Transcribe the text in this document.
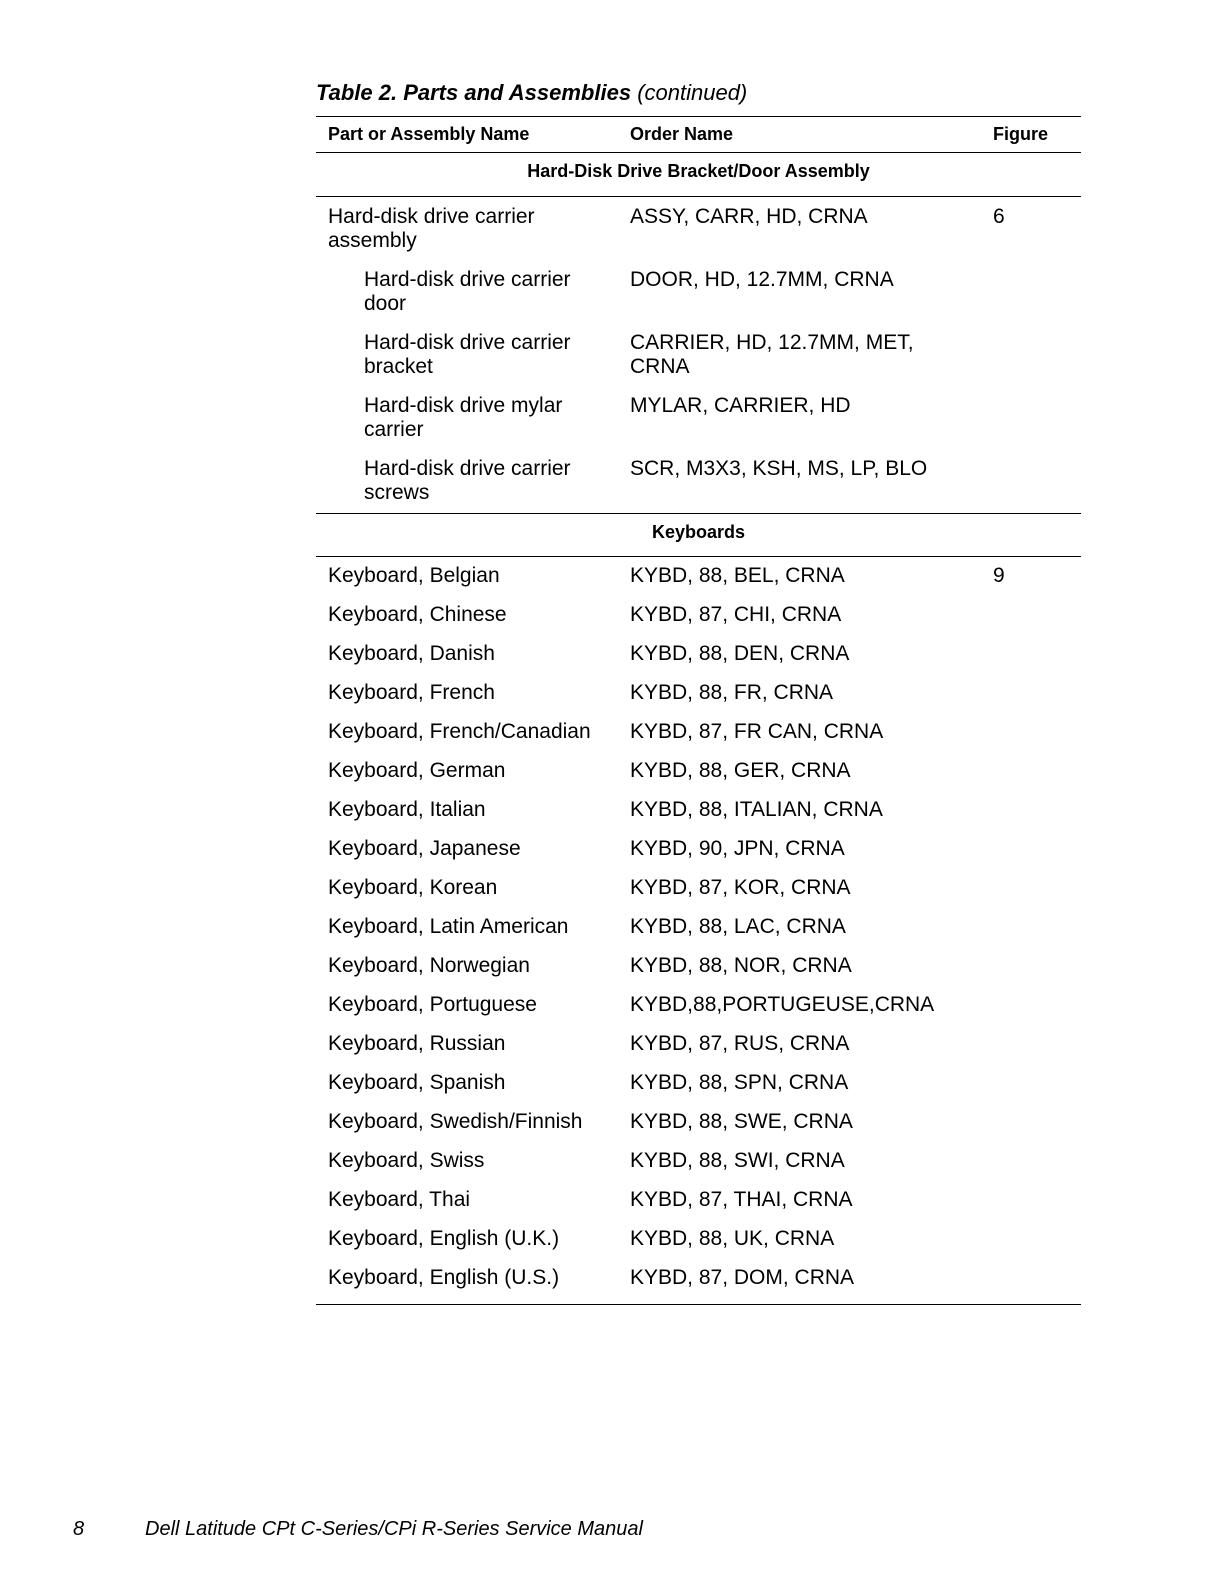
Table 2. Parts and Assemblies (continued)
Part or Assembly Name	Order Name	Figure
Hard-Disk Drive Bracket/Door Assembly		
Hard-disk drive carrier assembly	ASSY, CARR, HD, CRNA	6
Hard-disk drive carrier door	DOOR, HD, 12.7MM, CRNA	
Hard-disk drive carrier bracket	CARRIER, HD, 12.7MM, MET, CRNA	
Hard-disk drive mylar carrier	MYLAR, CARRIER, HD	
Hard-disk drive carrier screws	SCR, M3X3, KSH, MS, LP, BLO	
Keyboards		
Keyboard, Belgian	KYBD, 88, BEL, CRNA	9
Keyboard, Chinese	KYBD, 87, CHI, CRNA	
Keyboard, Danish	KYBD, 88, DEN, CRNA	
Keyboard, French	KYBD, 88, FR, CRNA	
Keyboard, French/Canadian	KYBD, 87, FR CAN, CRNA	
Keyboard, German	KYBD, 88, GER, CRNA	
Keyboard, Italian	KYBD, 88, ITALIAN, CRNA	
Keyboard, Japanese	KYBD, 90, JPN, CRNA	
Keyboard, Korean	KYBD, 87, KOR, CRNA	
Keyboard, Latin American	KYBD, 88, LAC, CRNA	
Keyboard, Norwegian	KYBD, 88, NOR, CRNA	
Keyboard, Portuguese	KYBD,88,PORTUGEUSE,CRNA	
Keyboard, Russian	KYBD, 87, RUS, CRNA	
Keyboard, Spanish	KYBD, 88, SPN, CRNA	
Keyboard, Swedish/Finnish	KYBD, 88, SWE, CRNA	
Keyboard, Swiss	KYBD, 88, SWI, CRNA	
Keyboard, Thai	KYBD, 87, THAI, CRNA	
Keyboard, English (U.K.)	KYBD, 88, UK, CRNA	
Keyboard, English (U.S.)	KYBD, 87, DOM, CRNA	
8	Dell Latitude CPt C-Series/CPi R-Series Service Manual
